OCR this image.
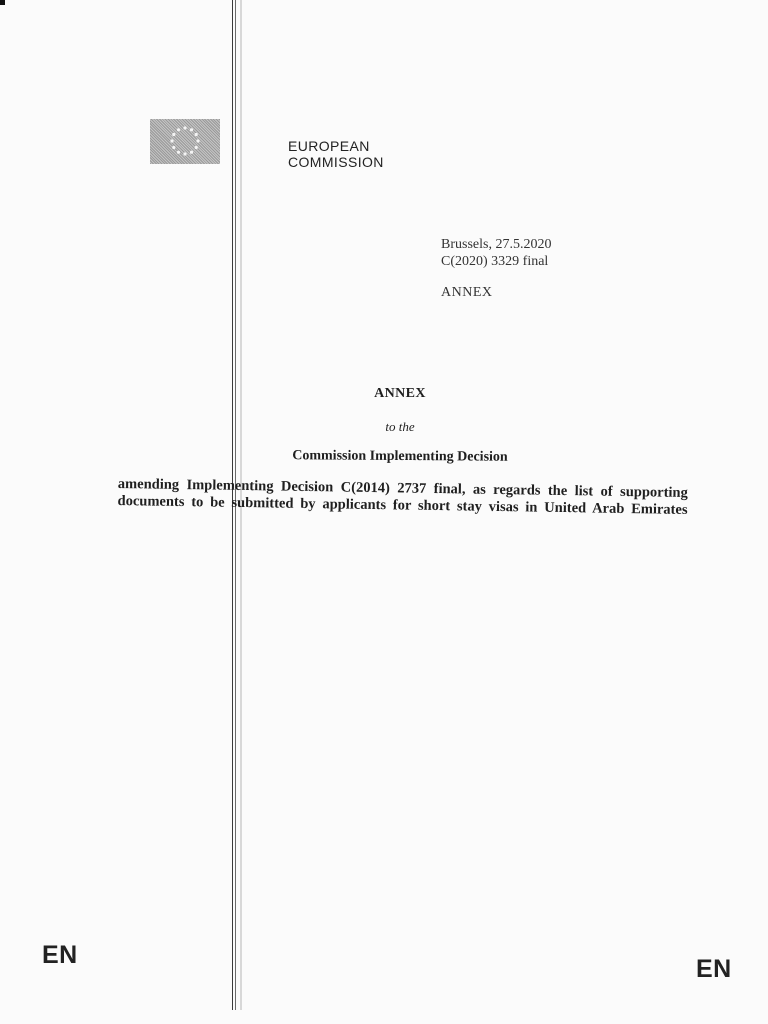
EUROPEAN
COMMISSION
Brussels, 27.5.2020
C(2020) 3329 final
ANNEX
ANNEX
to the
Commission Implementing Decision
amending Implementing Decision C(2014) 2737 final, as regards the list of supporting documents to be submitted by applicants for short stay visas in United Arab Emirates
EN	EN
